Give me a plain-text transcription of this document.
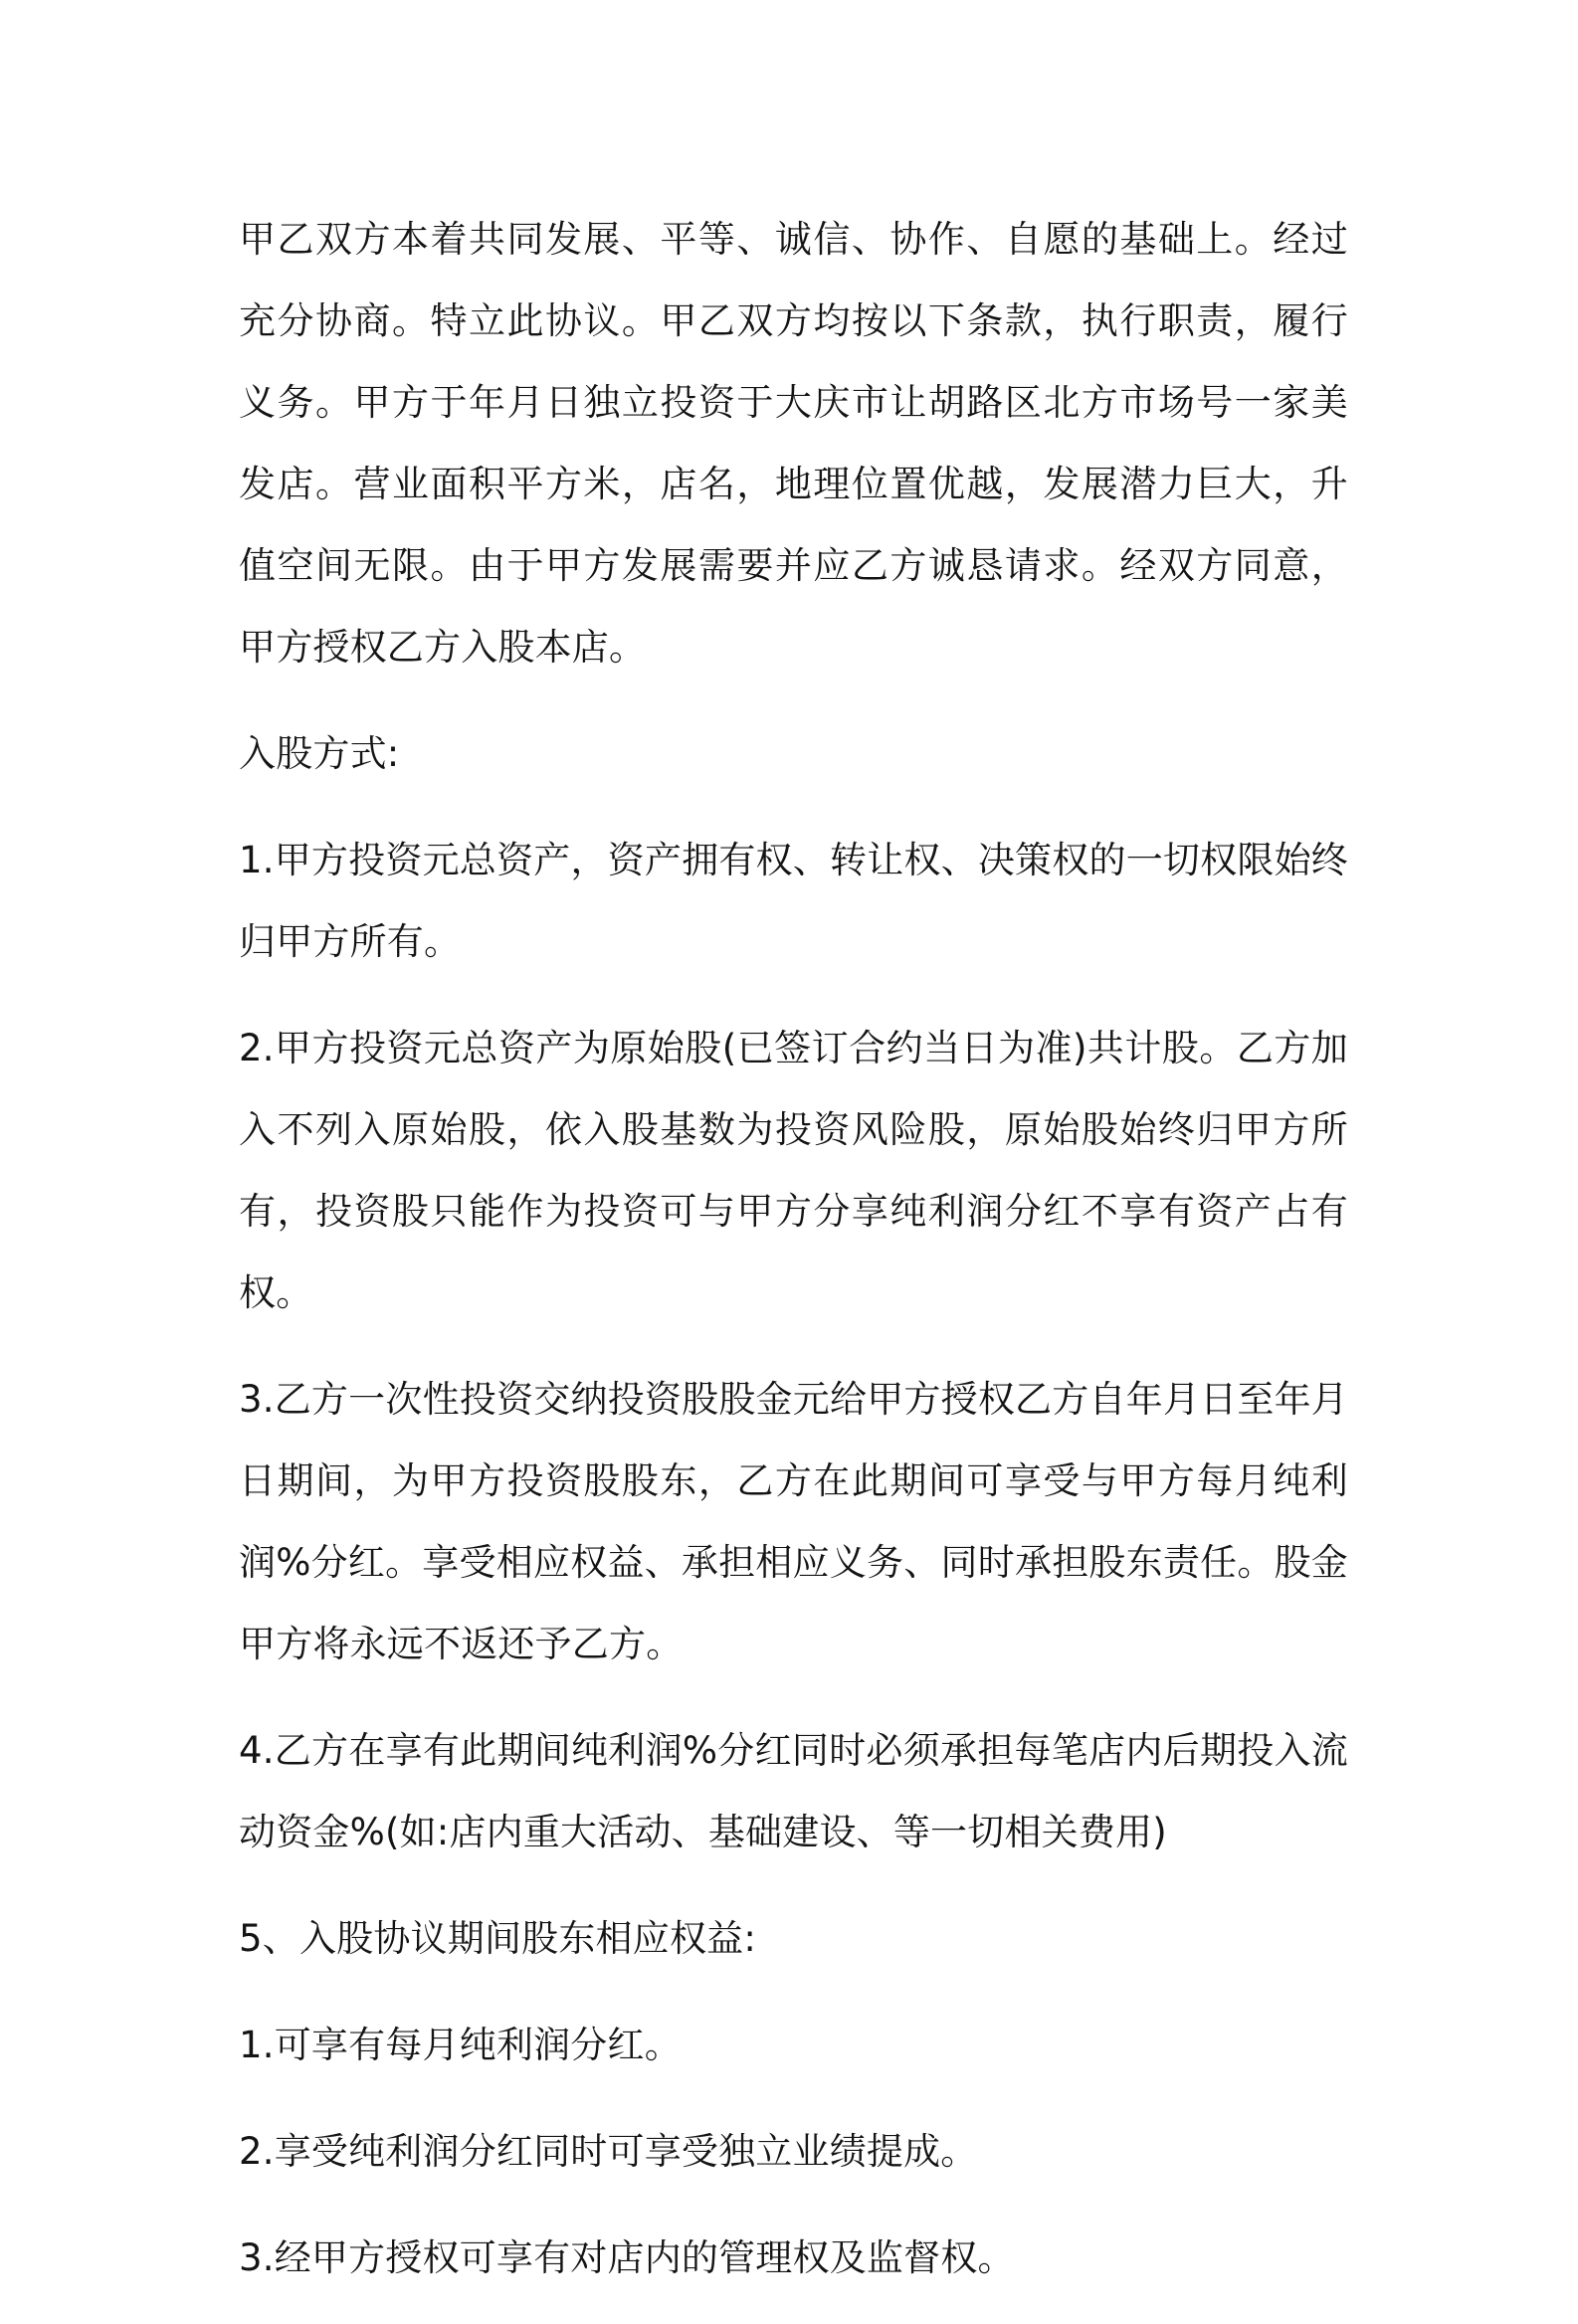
甲乙双方本着共同发展、平等、诚信、协作、自愿的基础上。经过充分协商。特立此协议。甲乙双方均按以下条款，执行职责，履行义务。甲方于年月日独立投资于大庆市让胡路区北方市场号一家美发店。营业面积平方米，店名，地理位置优越，发展潜力巨大，升值空间无限。由于甲方发展需要并应乙方诚恳请求。经双方同意，甲方授权乙方入股本店。

入股方式:

1.甲方投资元总资产，资产拥有权、转让权、决策权的一切权限始终归甲方所有。

2.甲方投资元总资产为原始股(已签订合约当日为准)共计股。乙方加入不列入原始股，依入股基数为投资风险股，原始股始终归甲方所有，投资股只能作为投资可与甲方分享纯利润分红不享有资产占有权。

3.乙方一次性投资交纳投资股股金元给甲方授权乙方自年月日至年月日期间，为甲方投资股股东，乙方在此期间可享受与甲方每月纯利润%分红。享受相应权益、承担相应义务、同时承担股东责任。股金甲方将永远不返还予乙方。

4.乙方在享有此期间纯利润%分红同时必须承担每笔店内后期投入流动资金%(如:店内重大活动、基础建设、等一切相关费用)

5、入股协议期间股东相应权益:

1.可享有每月纯利润分红。

2.享受纯利润分红同时可享受独立业绩提成。

3.经甲方授权可享有对店内的管理权及监督权。
